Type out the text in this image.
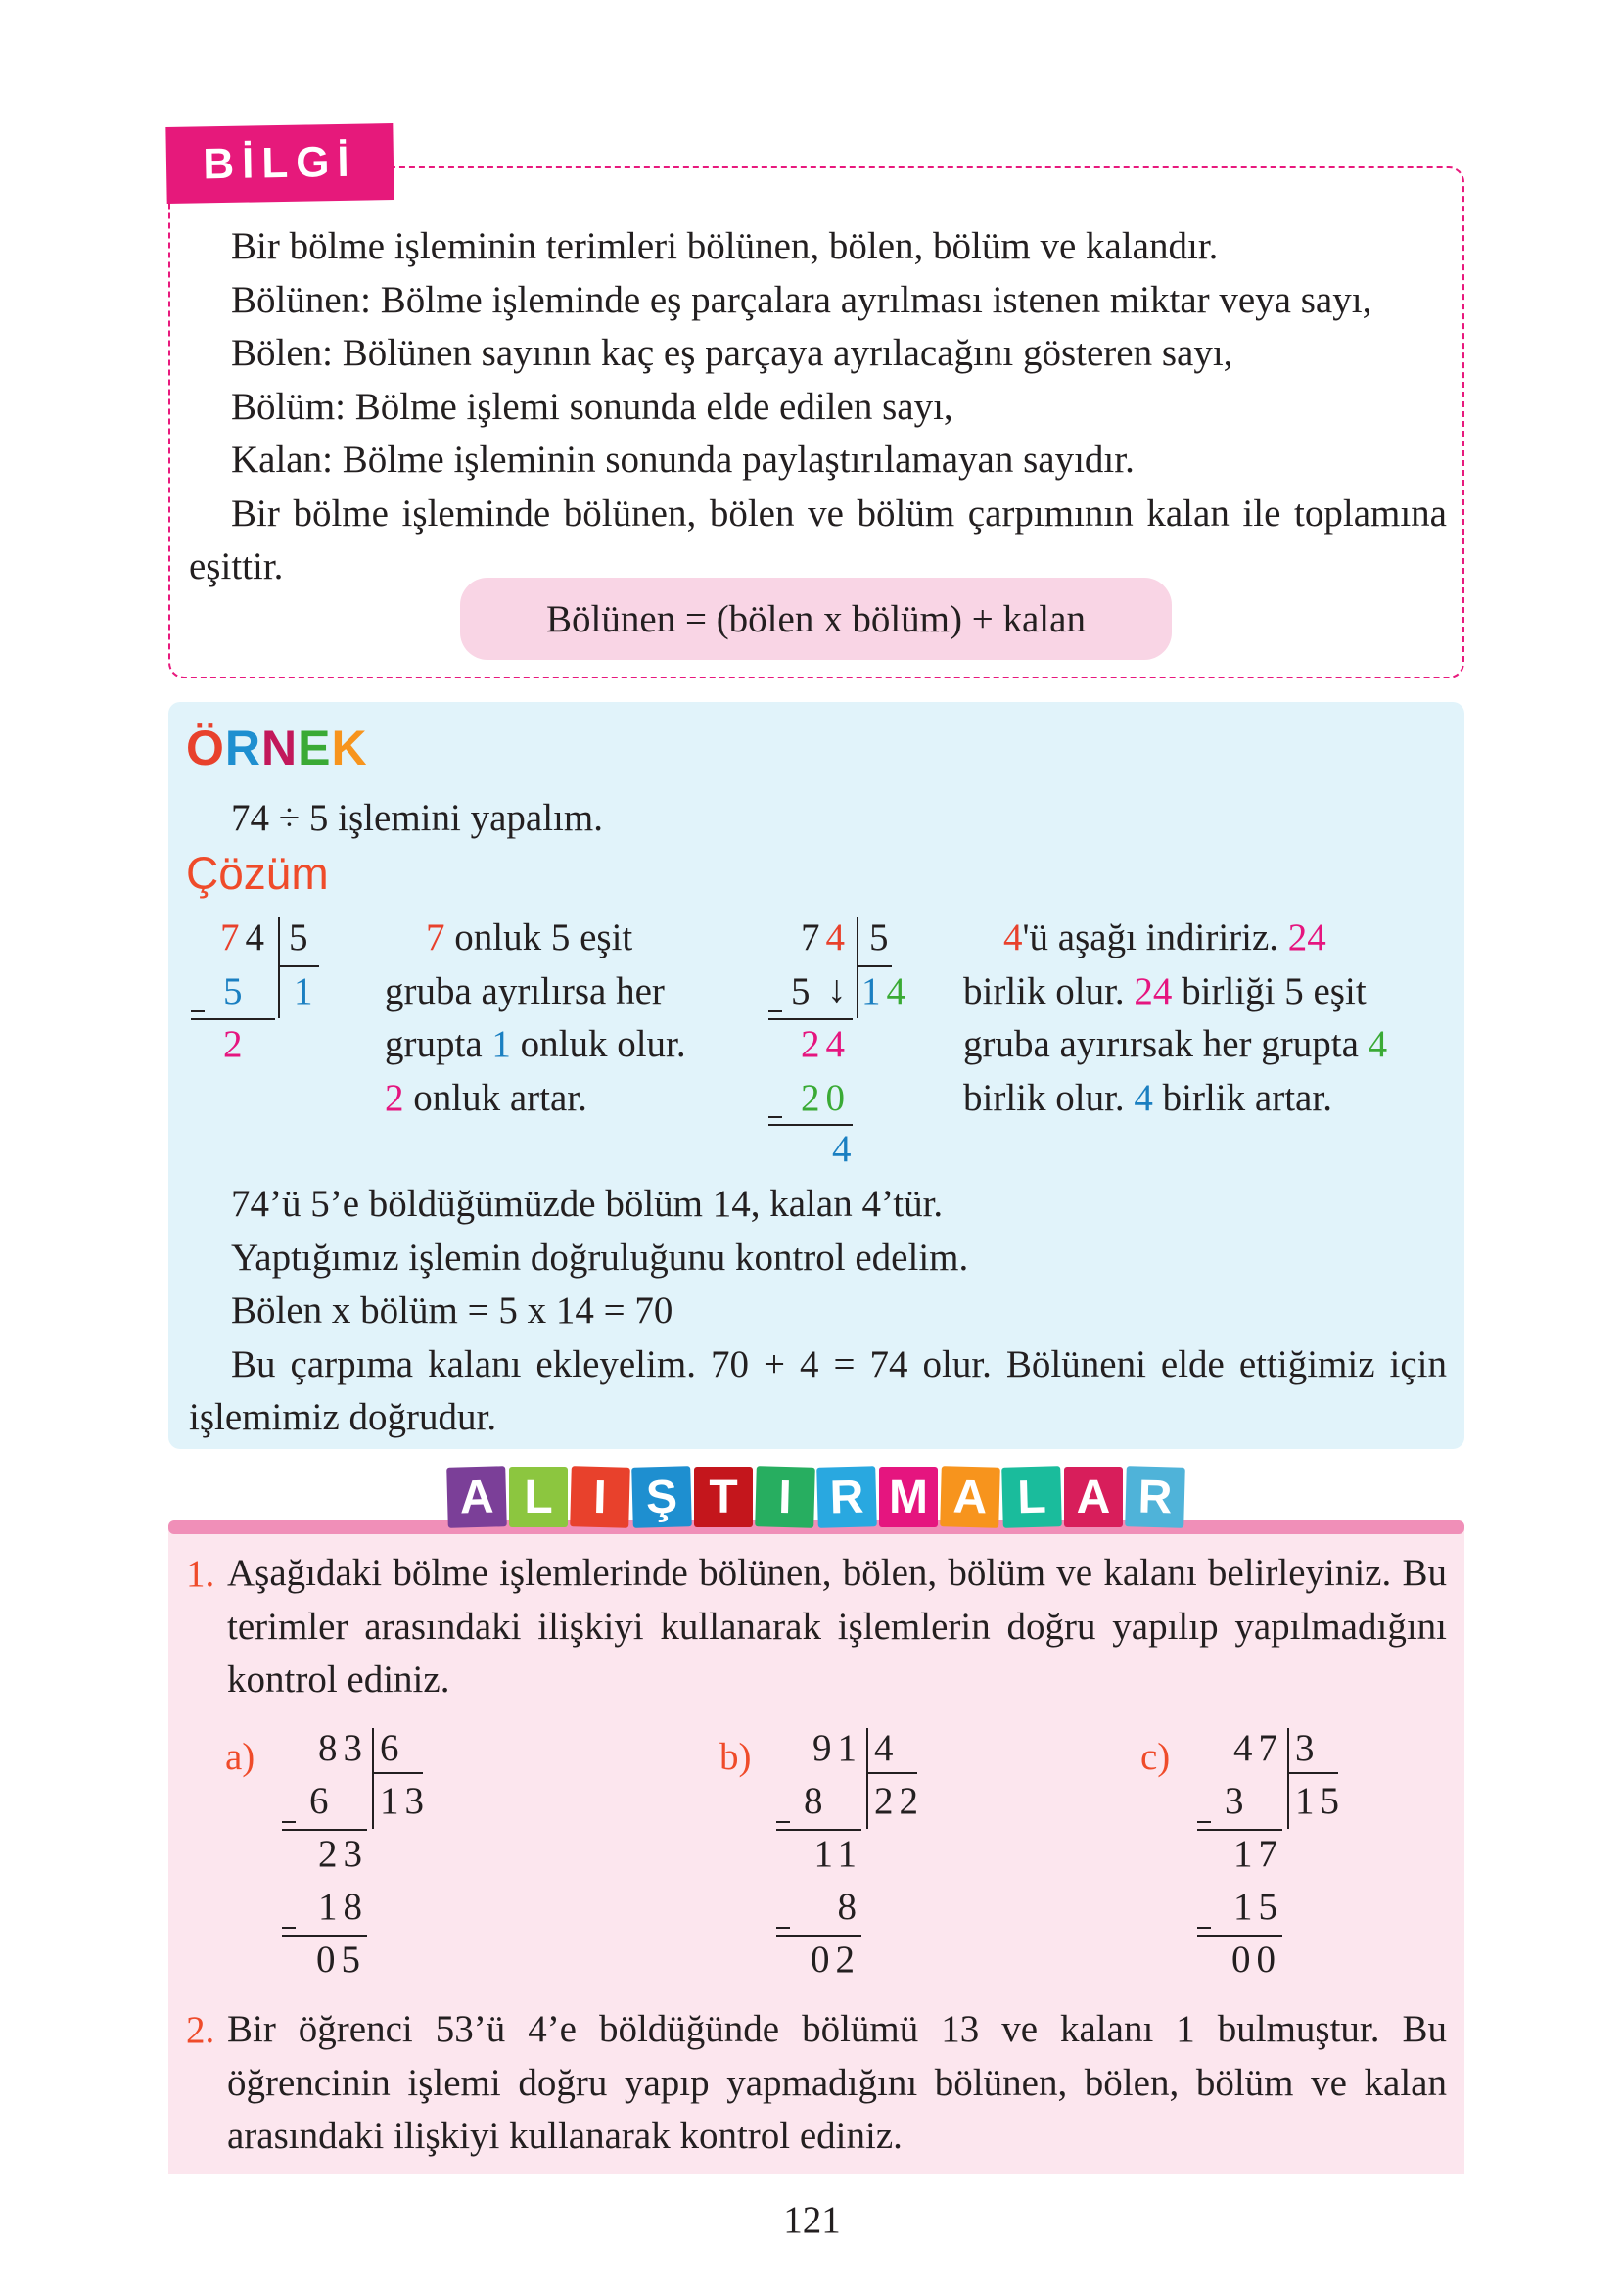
BİLGİ

Bir bölme işleminin terimleri bölünen, bölen, bölüm ve kalandır.

Bölünen: Bölme işleminde eş parçalara ayrılması istenen miktar veya sayı,

Bölen: Bölünen sayının kaç eş parçaya ayrılacağını gösteren sayı,

Bölüm: Bölme işlemi sonunda elde edilen sayı,

Kalan: Bölme işleminin sonunda paylaştırılamayan sayıdır.

Bir bölme işleminde bölünen, bölen ve bölüm çarpımının kalan ile toplamına eşittir.

Bölünen = (bölen x bölüm) + kalan
ÖRNEK
74 ÷ 5 işlemini yapalım.
Çözüm
74 5
5 1
2
7 onluk 5 eşit
gruba ayrılırsa her
grupta 1 onluk olur.
2 onluk artar.
74 5
5 ↓ 14
24
20
4
4'ü aşağı indiririz. 24
birlik olur. 24 birliği 5 eşit
gruba ayırırsak her grupta 4
birlik olur. 4 birlik artar.

74’ü 5’e böldüğümüzde bölüm 14, kalan 4’tür.

Yaptığımız işlemin doğruluğunu kontrol edelim.

Bölen x bölüm = 5 x 14 = 70

Bu çarpıma kalanı ekleyelim. 70 + 4 = 74 olur. Bölüneni elde ettiğimiz için işlemimiz doğrudur.

A L I Ş T I R M A L A R
1. Aşağıdaki bölme işlemlerinde bölünen, bölen, bölüm ve kalanı belirleyiniz. Bu terimler arasındaki ilişkiyi kullanarak işlemlerin doğru yapılıp yapılmadığını kontrol ediniz.

a) 83 6
6 13
23
18
05
b) 91 4
8 22
11
8
02
c) 47 3
3 15
17
15
00
2. Bir öğrenci 53’ü 4’e böldüğünde bölümü 13 ve kalanı 1 bulmuştur. Bu öğrencinin işlemi doğru yapıp yapmadığını bölünen, bölen, bölüm ve kalan arasındaki ilişkiyi kullanarak kontrol ediniz.

121
